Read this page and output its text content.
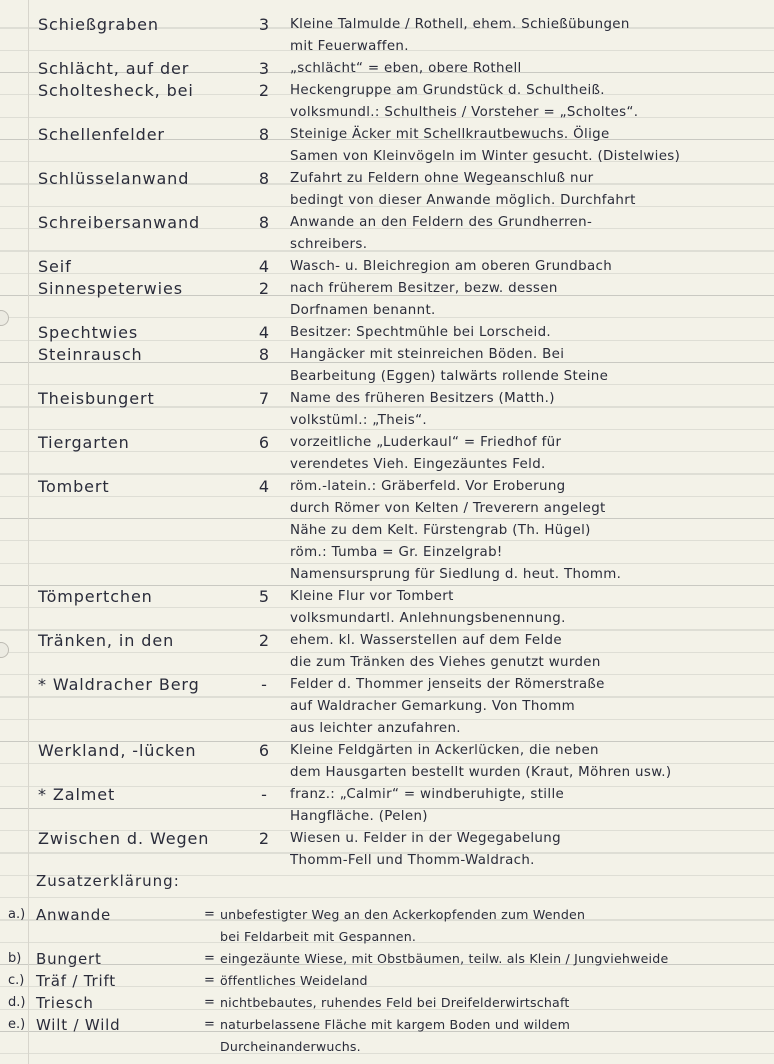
Schießgraben	3	Kleine Talmulde / Rothell, ehem. Schießübungen
mit Feuerwaffen.
Schlächt, auf der	3	„schlächt“ = eben, obere Rothell
Scholtesheck, bei	2	Heckengruppe am Grundstück d. Schultheiß.
volksmundl.: Schultheis / Vorsteher = „Scholtes“.
Schellenfelder	8	Steinige Äcker mit Schellkrautbewuchs. Ölige
Samen von Kleinvögeln im Winter gesucht. (Distelwies)
Schlüsselanwand	8	Zufahrt zu Feldern ohne Wegeanschluß nur
bedingt von dieser Anwande möglich. Durchfahrt
Schreibersanwand	8	Anwande an den Feldern des Grundherren-
schreibers.
Seif	4	Wasch- u. Bleichregion am oberen Grundbach
Sinnespeterwies	2	nach früherem Besitzer, bezw. dessen
Dorfnamen benannt.
Spechtwies	4	Besitzer: Spechtmühle bei Lorscheid.
Steinrausch	8	Hangäcker mit steinreichen Böden. Bei
Bearbeitung (Eggen) talwärts rollende Steine
Theisbungert	7	Name des früheren Besitzers (Matth.)
volkstüml.: „Theis“.
Tiergarten	6	vorzeitliche „Luderkaul“ = Friedhof für
verendetes Vieh. Eingezäuntes Feld.
Tombert	4	röm.-latein.: Gräberfeld. Vor Eroberung
durch Römer von Kelten / Treverern angelegt
Nähe zu dem Kelt. Fürstengrab (Th. Hügel)
röm.: Tumba = Gr. Einzelgrab!
Namensursprung für Siedlung d. heut. Thomm.
Tömpertchen	5	Kleine Flur vor Tombert
volksmundartl. Anlehnungsbenennung.
Tränken, in den	2	ehem. kl. Wasserstellen auf dem Felde
die zum Tränken des Viehes genutzt wurden
* Waldracher Berg	-	Felder d. Thommer jenseits der Römerstraße
auf Waldracher Gemarkung. Von Thomm
aus leichter anzufahren.
Werkland, -lücken	6	Kleine Feldgärten in Ackerlücken, die neben
dem Hausgarten bestellt wurden (Kraut, Möhren usw.)
* Zalmet	-	franz.: „Calmir“ = windberuhigte, stille
Hangfläche. (Pelen)
Zwischen d. Wegen	2	Wiesen u. Felder in der Wegegabelung
Thomm-Fell und Thomm-Waldrach.
Zusatzerklärung:
a.) Anwande	= unbefestigter Weg an den Ackerkopfenden zum Wenden
bei Feldarbeit mit Gespannen.
b) Bungert	= eingezäunte Wiese, mit Obstbäumen, teilw. als Klein / Jungviehweide
c.) Träf / Trift	= öffentliches Weideland
d.) Triesch	= nichtbebautes, ruhendes Feld bei Dreifelderwirtschaft
e.) Wilt / Wild	= naturbelassene Fläche mit kargem Boden und wildem
Durcheinanderwuchs.
